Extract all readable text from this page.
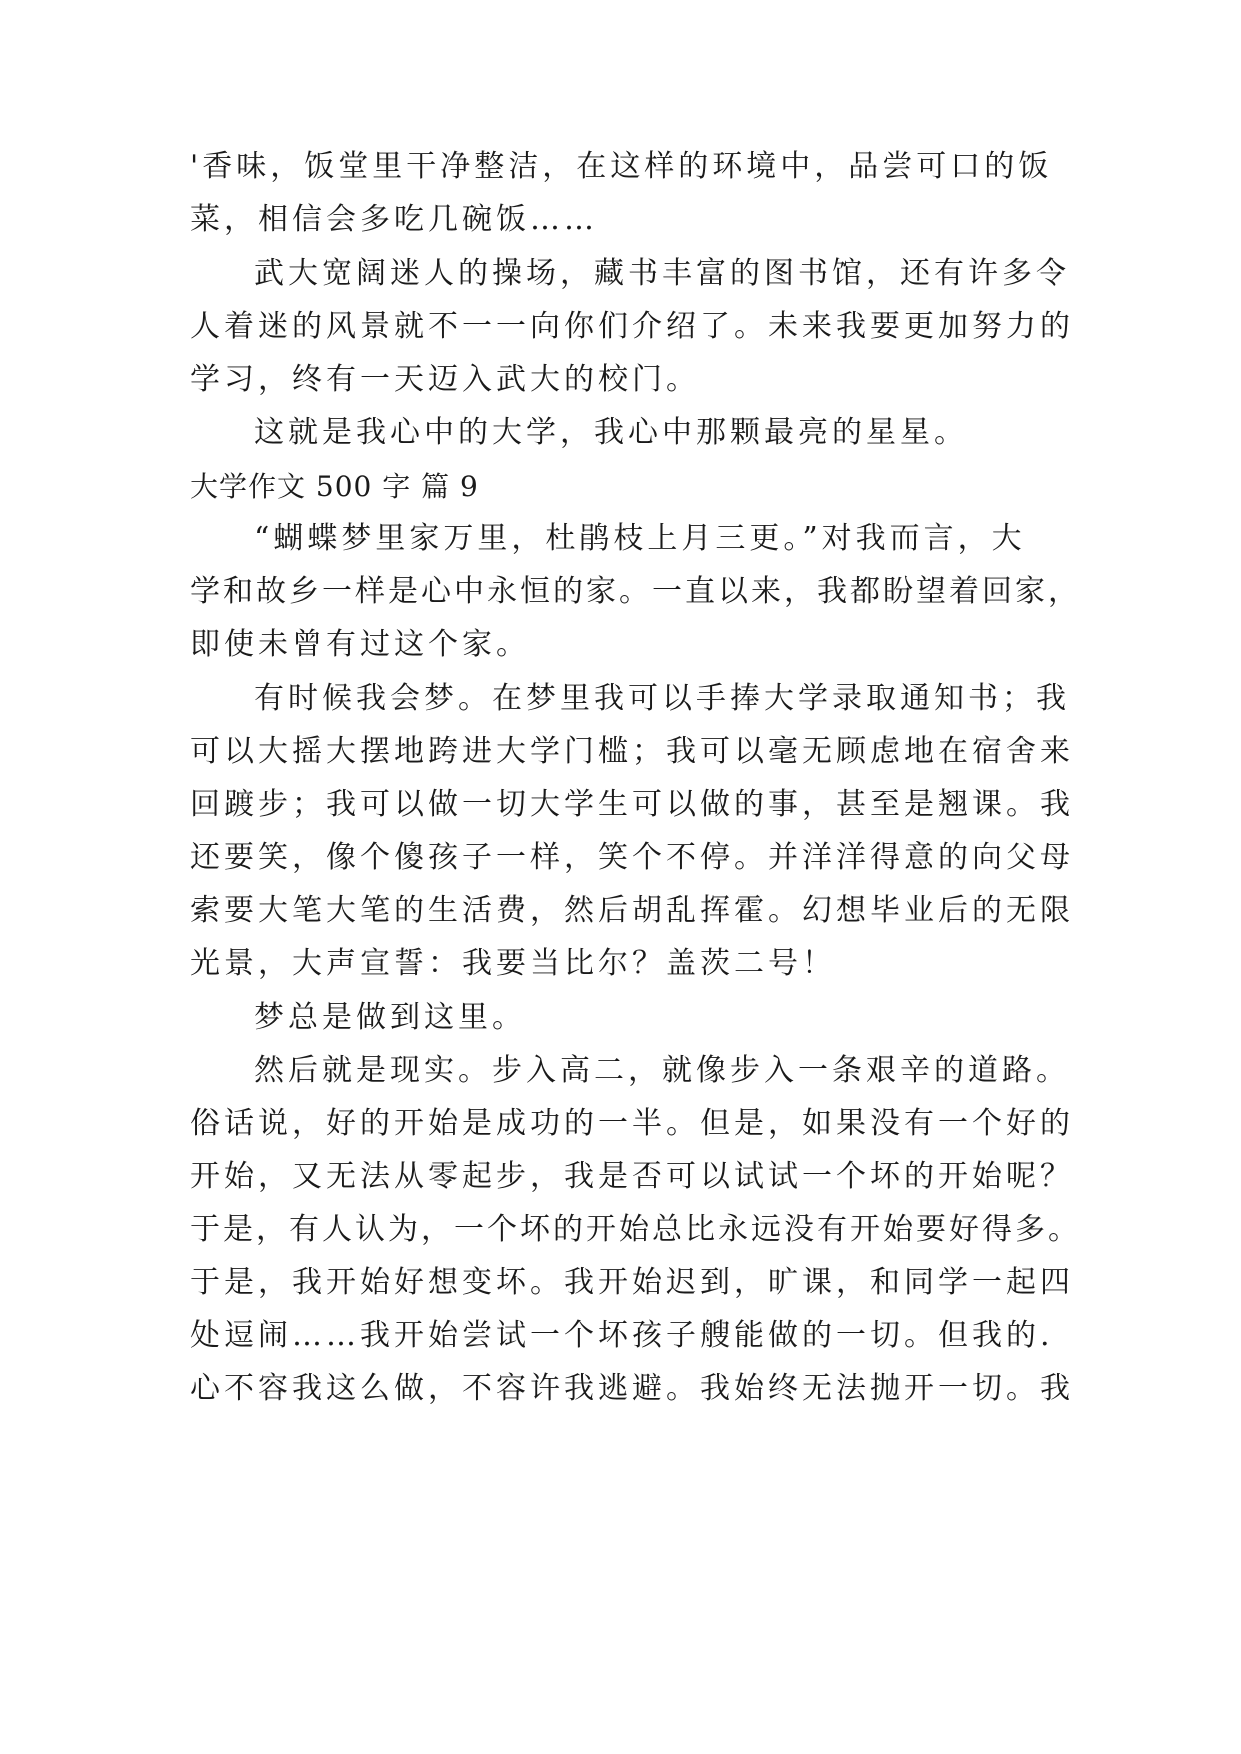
'香味，饭堂里干净整洁，在这样的环境中，品尝可口的饭
菜，相信会多吃几碗饭……
武大宽阔迷人的操场，藏书丰富的图书馆，还有许多令
人着迷的风景就不一一向你们介绍了。未来我要更加努力的
学习，终有一天迈入武大的校门。
这就是我心中的大学，我心中那颗最亮的星星。
大学作文 500 字 篇 9
“蝴蝶梦里家万里，杜鹃枝上月三更。”对我而言，大
学和故乡一样是心中永恒的家。一直以来，我都盼望着回家，
即使未曾有过这个家。
有时候我会梦。在梦里我可以手捧大学录取通知书；我
可以大摇大摆地跨进大学门槛；我可以毫无顾虑地在宿舍来
回踱步；我可以做一切大学生可以做的事，甚至是翘课。我
还要笑，像个傻孩子一样，笑个不停。并洋洋得意的向父母
索要大笔大笔的生活费，然后胡乱挥霍。幻想毕业后的无限
光景，大声宣誓：我要当比尔？盖茨二号！
梦总是做到这里。
然后就是现实。步入高二，就像步入一条艰辛的道路。
俗话说，好的开始是成功的一半。但是，如果没有一个好的
开始，又无法从零起步，我是否可以试试一个坏的开始呢？
于是，有人认为，一个坏的开始总比永远没有开始要好得多。
于是，我开始好想变坏。我开始迟到，旷课，和同学一起四
处逗闹……我开始尝试一个坏孩子艘能做的一切。但我的.
心不容我这么做，不容许我逃避。我始终无法抛开一切。我
